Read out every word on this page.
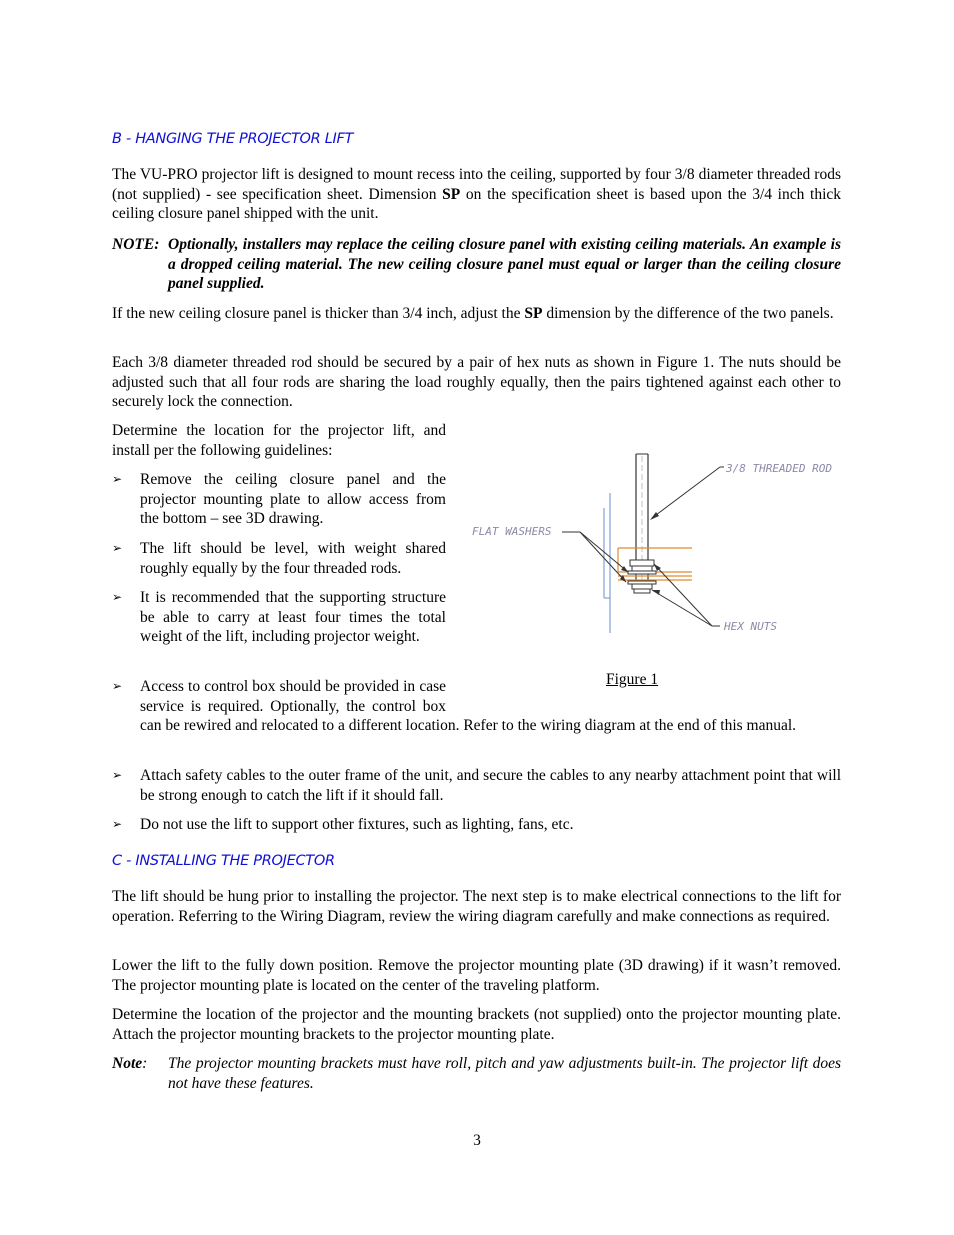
B - HANGING THE PROJECTOR LIFT

The VU-PRO projector lift is designed to mount recess into the ceiling, supported by four 3/8 diameter threaded rods (not supplied) - see specification sheet. Dimension SP on the specification sheet is based upon the 3/4 inch thick ceiling closure panel shipped with the unit.

NOTE: Optionally, installers may replace the ceiling closure panel with existing ceiling materials. An example is a dropped ceiling material. The new ceiling closure panel must equal or larger than the ceiling closure panel supplied.

If the new ceiling closure panel is thicker than 3/4 inch, adjust the SP dimension by the difference of the two panels.

Each 3/8 diameter threaded rod should be secured by a pair of hex nuts as shown in Figure 1. The nuts should be adjusted such that all four rods are sharing the load roughly equally, then the pairs tightened against each other to securely lock the connection.

Determine the location for the projector lift, and install per the following guidelines:

➢ Remove the ceiling closure panel and the projector mounting plate to allow access from the bottom – see 3D drawing.
➢ The lift should be level, with weight shared roughly equally by the four threaded rods.
➢ It is recommended that the supporting structure be able to carry at least four times the total weight of the lift, including projector weight.
➢ Access to control box should be provided in case service is required. Optionally, the control box can be rewired and relocated to a different location. Refer to the wiring diagram at the end of this manual.
➢ Attach safety cables to the outer frame of the unit, and secure the cables to any nearby attachment point that will be strong enough to catch the lift if it should fall.
➢ Do not use the lift to support other fixtures, such as lighting, fans, etc.
3/8 THREADED ROD
FLAT WASHERS
HEX NUTS
Figure 1
C - INSTALLING THE PROJECTOR

The lift should be hung prior to installing the projector. The next step is to make electrical connections to the lift for operation. Referring to the Wiring Diagram, review the wiring diagram carefully and make connections as required.

Lower the lift to the fully down position. Remove the projector mounting plate (3D drawing) if it wasn’t removed. The projector mounting plate is located on the center of the traveling platform.

Determine the location of the projector and the mounting brackets (not supplied) onto the projector mounting plate. Attach the projector mounting brackets to the projector mounting plate.

Note: The projector mounting brackets must have roll, pitch and yaw adjustments built-in. The projector lift does not have these features.
3
